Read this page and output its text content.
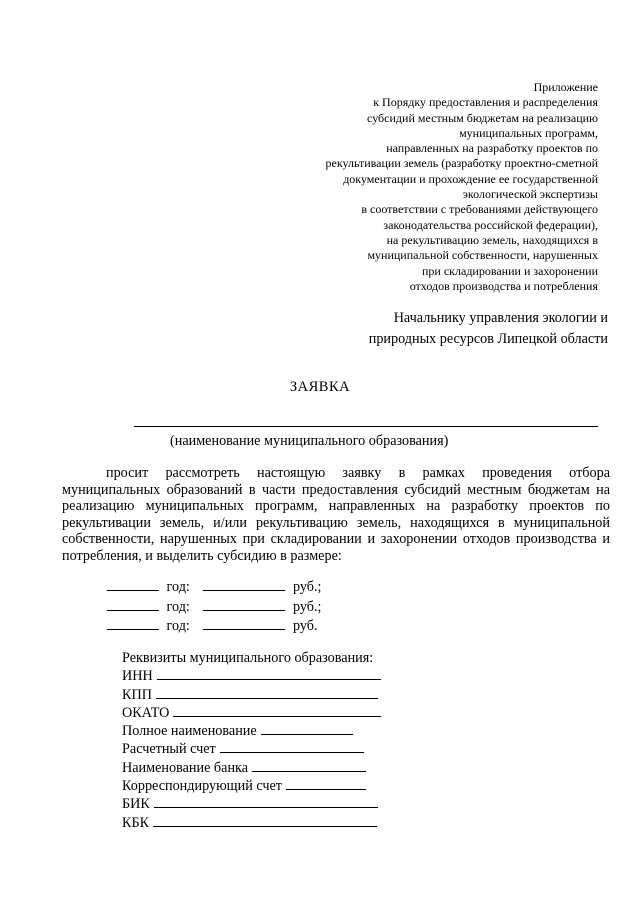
Приложение
к Порядку предоставления и распределения
субсидий местным бюджетам на реализацию
муниципальных программ,
направленных на разработку проектов по
рекультивации земель (разработку проектно-сметной
документации и прохождение ее государственной
экологической экспертизы
в соответствии с требованиями действующего
законодательства российской федерации),
на рекультивацию земель, находящихся в
муниципальной собственности, нарушенных
при складировании и захоронении
отходов производства и потребления
Начальнику управления экологии и
природных ресурсов Липецкой области
ЗАЯВКА
(наименование муниципального образования)

просит рассмотреть настоящую заявку в рамках проведения отбора муниципальных образований в части предоставления субсидий местным бюджетам на реализацию муниципальных программ, направленных на разработку проектов по рекультивации земель, и/или рекультивацию земель, находящихся в муниципальной собственности, нарушенных при складировании и захоронении отходов производства и потребления, и выделить субсидию в размере:

год:	руб.;
год:	руб.;
год:	руб.
Реквизиты муниципального образования:
ИНН
КПП
ОКАТО
Полное наименование
Расчетный счет
Наименование банка
Корреспондирующий счет
БИК
КБК
